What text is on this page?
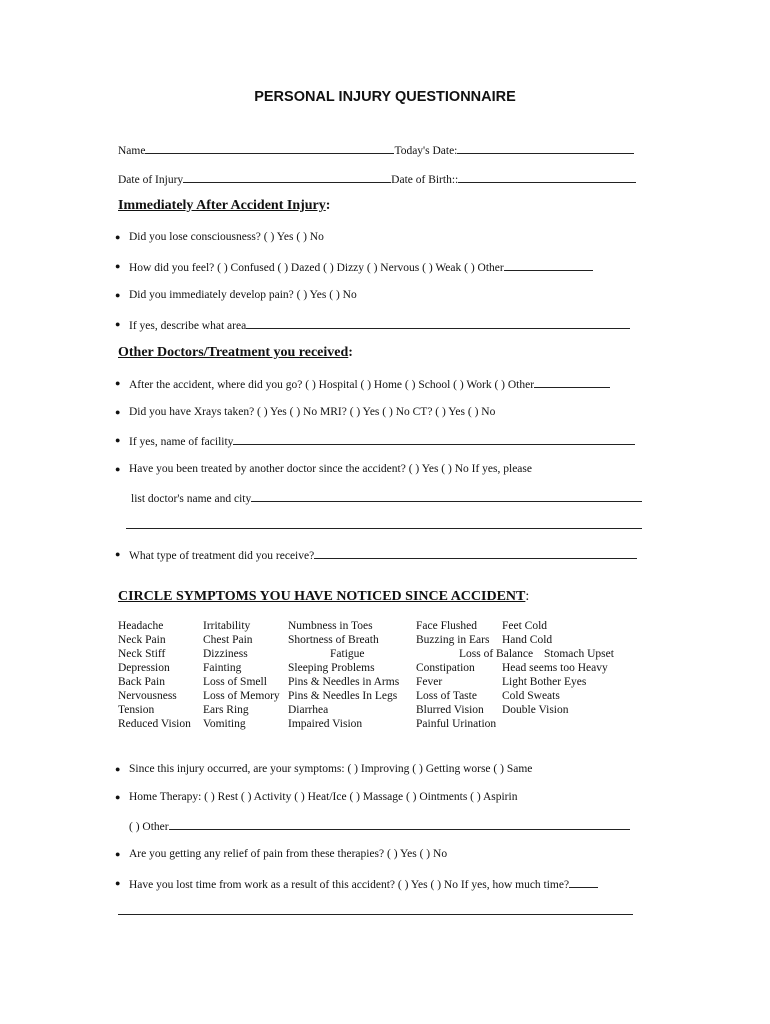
PERSONAL INJURY QUESTIONNAIRE
Name	Today's Date:
Date of Injury	Date of Birth::
Immediately After Accident Injury:
● Did you lose consciousness? ( ) Yes ( ) No
● How did you feel? ( ) Confused ( ) Dazed ( ) Dizzy ( ) Nervous ( ) Weak ( ) Other
● Did you immediately develop pain? ( ) Yes ( ) No
● If yes, describe what area
Other Doctors/Treatment you received:
● After the accident, where did you go? ( ) Hospital ( ) Home ( ) School ( ) Work ( ) Other
● Did you have Xrays taken? ( ) Yes ( ) No MRI? ( ) Yes ( ) No CT? ( ) Yes ( ) No
● If yes, name of facility
● Have you been treated by another doctor since the accident? ( ) Yes ( ) No If yes, please
list doctor's name and city
● What type of treatment did you receive?
CIRCLE SYMPTOMS YOU HAVE NOTICED SINCE ACCIDENT:
Headache
Neck Pain
Neck Stiff
Depression
Back Pain
Nervousness
Tension
Reduced Vision
Irritability
Chest Pain
Dizziness
Fainting
Loss of Smell
Loss of Memory
Ears Ring
Vomiting
Numbness in Toes
Shortness of Breath
Fatigue
Sleeping Problems
Pins & Needles in Arms
Pins & Needles In Legs
Diarrhea
Impaired Vision
Face Flushed
Buzzing in Ears
Loss of Balance
Constipation
Fever
Loss of Taste
Blurred Vision
Painful Urination
Feet Cold
Hand Cold
Stomach Upset
Head seems too Heavy
Light Bother Eyes
Cold Sweats
Double Vision
● Since this injury occurred, are your symptoms: ( ) Improving ( ) Getting worse ( ) Same
● Home Therapy: ( ) Rest ( ) Activity ( ) Heat/Ice ( ) Massage ( ) Ointments ( ) Aspirin
( ) Other
● Are you getting any relief of pain from these therapies? ( ) Yes ( ) No
● Have you lost time from work as a result of this accident? ( ) Yes ( ) No If yes, how much time?
